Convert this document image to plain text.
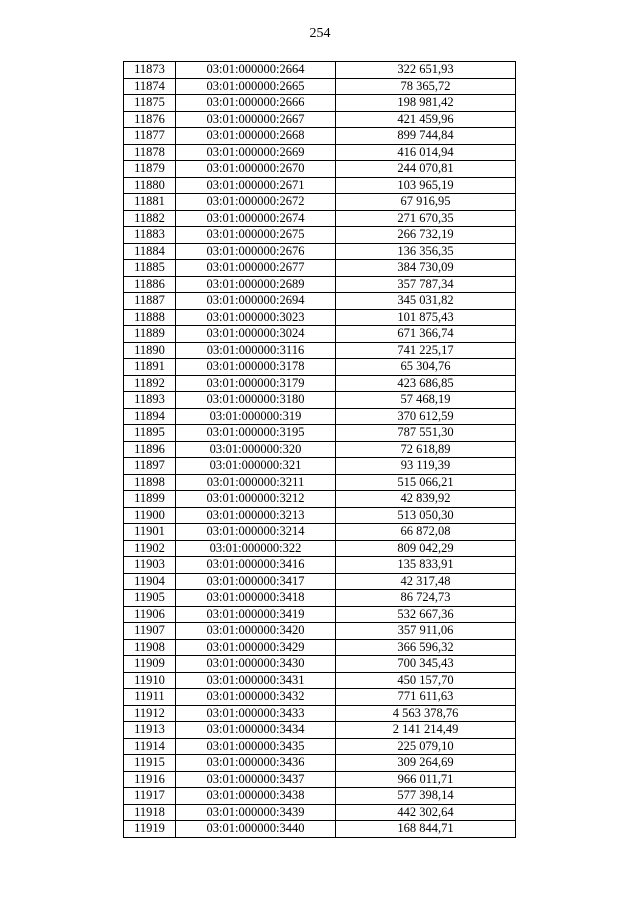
254
11873	03:01:000000:2664	322 651,93
11874	03:01:000000:2665	78 365,72
11875	03:01:000000:2666	198 981,42
11876	03:01:000000:2667	421 459,96
11877	03:01:000000:2668	899 744,84
11878	03:01:000000:2669	416 014,94
11879	03:01:000000:2670	244 070,81
11880	03:01:000000:2671	103 965,19
11881	03:01:000000:2672	67 916,95
11882	03:01:000000:2674	271 670,35
11883	03:01:000000:2675	266 732,19
11884	03:01:000000:2676	136 356,35
11885	03:01:000000:2677	384 730,09
11886	03:01:000000:2689	357 787,34
11887	03:01:000000:2694	345 031,82
11888	03:01:000000:3023	101 875,43
11889	03:01:000000:3024	671 366,74
11890	03:01:000000:3116	741 225,17
11891	03:01:000000:3178	65 304,76
11892	03:01:000000:3179	423 686,85
11893	03:01:000000:3180	57 468,19
11894	03:01:000000:319	370 612,59
11895	03:01:000000:3195	787 551,30
11896	03:01:000000:320	72 618,89
11897	03:01:000000:321	93 119,39
11898	03:01:000000:3211	515 066,21
11899	03:01:000000:3212	42 839,92
11900	03:01:000000:3213	513 050,30
11901	03:01:000000:3214	66 872,08
11902	03:01:000000:322	809 042,29
11903	03:01:000000:3416	135 833,91
11904	03:01:000000:3417	42 317,48
11905	03:01:000000:3418	86 724,73
11906	03:01:000000:3419	532 667,36
11907	03:01:000000:3420	357 911,06
11908	03:01:000000:3429	366 596,32
11909	03:01:000000:3430	700 345,43
11910	03:01:000000:3431	450 157,70
11911	03:01:000000:3432	771 611,63
11912	03:01:000000:3433	4 563 378,76
11913	03:01:000000:3434	2 141 214,49
11914	03:01:000000:3435	225 079,10
11915	03:01:000000:3436	309 264,69
11916	03:01:000000:3437	966 011,71
11917	03:01:000000:3438	577 398,14
11918	03:01:000000:3439	442 302,64
11919	03:01:000000:3440	168 844,71
